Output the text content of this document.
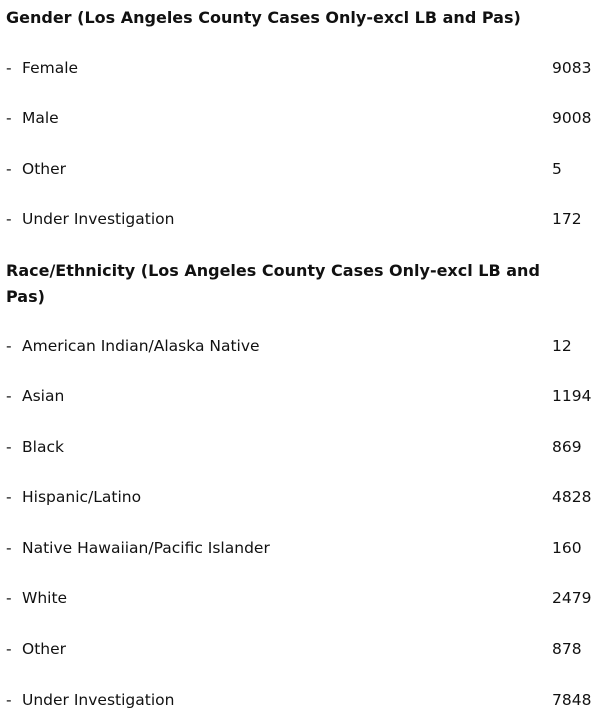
Gender (Los Angeles County Cases Only-excl LB and Pas)
- Female	9083
- Male	9008
- Other	5
- Under Investigation	172
Race/Ethnicity (Los Angeles County Cases Only-excl LB and Pas)
- American Indian/Alaska Native	12
- Asian	1194
- Black	869
- Hispanic/Latino	4828
- Native Hawaiian/Pacific Islander	160
- White	2479
- Other	878
- Under Investigation	7848
